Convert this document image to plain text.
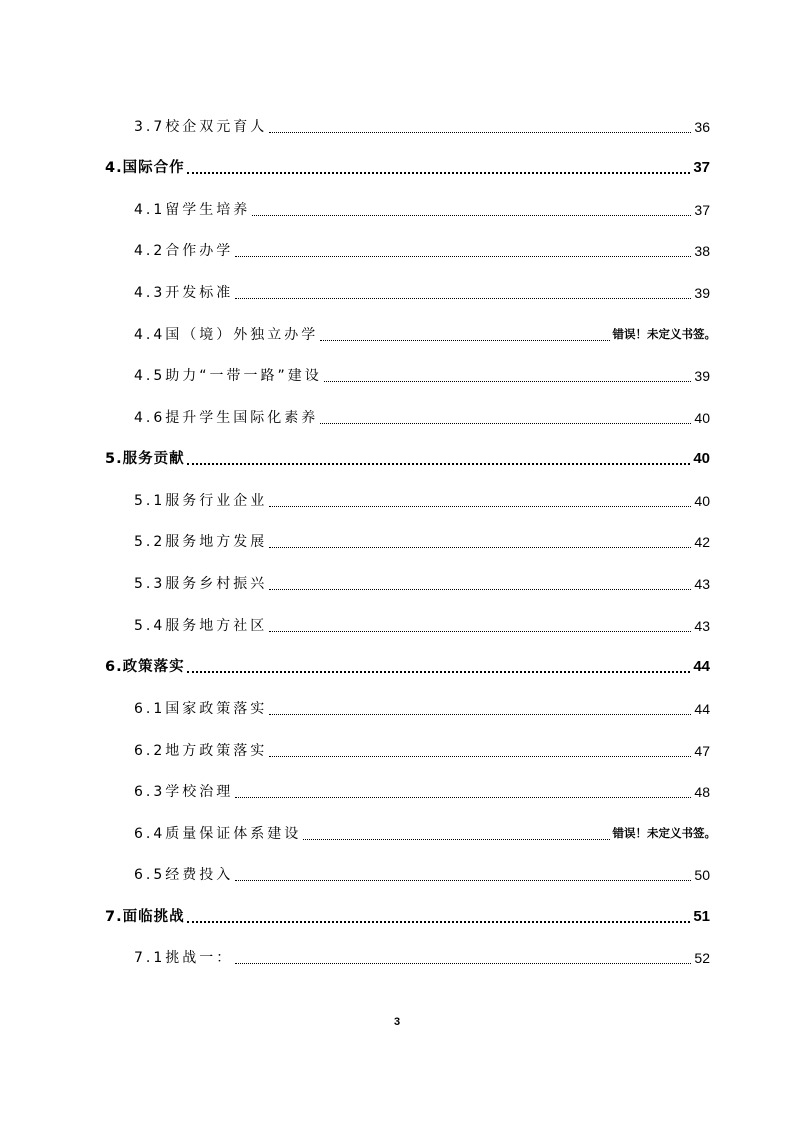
3.7校企双元育人	36
4.国际合作	37
4.1留学生培养	37
4.2合作办学	38
4.3开发标准	39
4.4国（境）外独立办学	错误！未定义书签。
4.5助力“一带一路”建设	39
4.6提升学生国际化素养	40
5.服务贡献	40
5.1服务行业企业	40
5.2服务地方发展	42
5.3服务乡村振兴	43
5.4服务地方社区	43
6.政策落实	44
6.1国家政策落实	44
6.2地方政策落实	47
6.3学校治理	48
6.4质量保证体系建设	错误！未定义书签。
6.5经费投入	50
7.面临挑战	51
7.1挑战一：	52
3
